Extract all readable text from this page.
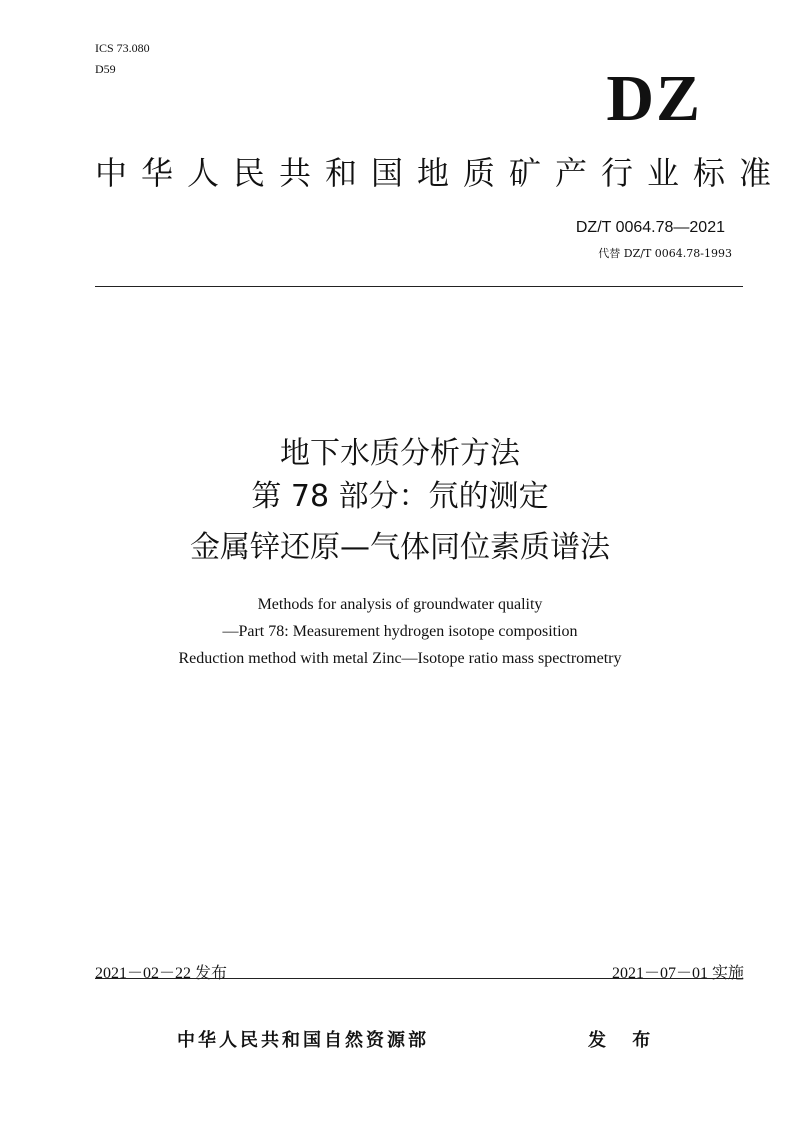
ICS 73.080
D59	DZ
中华人民共和国地质矿产行业标准
DZ/T 0064.78—2021
代替 DZ/T 0064.78-1993
地下水质分析方法
第 78 部分：氘的测定
金属锌还原—气体同位素质谱法
Methods for analysis of groundwater quality
—Part 78: Measurement hydrogen isotope composition
Reduction method with metal Zinc—Isotope ratio mass spectrometry
2021－02－22 发布	2021－07－01 实施
中华人民共和国自然资源部	发 布
